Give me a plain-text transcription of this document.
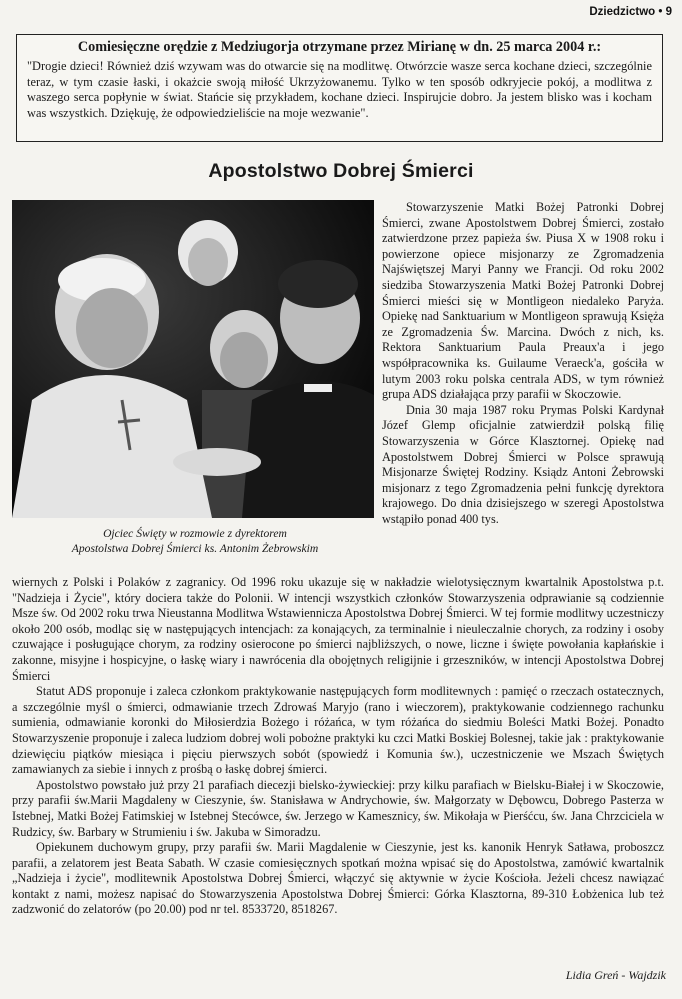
Dziedzictwo • 9
Comiesięczne orędzie z Medziugorja otrzymane przez Mirianę w dn. 25 marca 2004 r.:
"Drogie dzieci! Również dziś wzywam was do otwarcie się na modlitwę. Otwórzcie wasze serca kochane dzieci, szczególnie teraz, w tym czasie łaski, i okażcie swoją miłość Ukrzyżowanemu. Tylko w ten sposób odkryjecie pokój, a modlitwa z waszego serca popłynie w świat. Stańcie się przykładem, kochane dzieci. Inspirujcie dobro. Ja jestem blisko was i kocham was wszystkich. Dziękuję, że odpowiedzieliście na moje wezwanie".
Apostolstwo Dobrej Śmierci
Ojciec Święty w rozmowie z dyrektorem
Apostolstwa Dobrej Śmierci ks. Antonim Żebrowskim

Stowarzyszenie Matki Bożej Patronki Dobrej Śmierci, zwane Apostolstwem Dobrej Śmierci, zostało zatwierdzone przez papieża św. Piusa X w 1908 roku i powierzone opiece misjonarzy ze Zgromadzenia Najświętszej Maryi Panny we Francji. Od roku 2002 siedziba Stowarzyszenia Matki Bożej Patronki Dobrej Śmierci mieści się w Montligeon niedaleko Paryża. Opiekę nad Sanktuarium w Montligeon sprawują Księża ze Zgromadzenia Św. Marcina. Dwóch z nich, ks. Rektora Sanktuarium Paula Preaux'a i jego współpracownika ks. Guilaume Veraeck'a, gościła w lutym 2003 roku polska centrala ADS, w tym również grupa ADS działająca przy parafii w Skoczowie.

Dnia 30 maja 1987 roku Prymas Polski Kardynał Józef Glemp oficjalnie zatwierdził polską filię Stowarzyszenia w Górce Klasztornej. Opiekę nad Apostolstwem Dobrej Śmierci w Polsce sprawują Misjonarze Świętej Rodziny. Ksiądz Antoni Żebrowski misjonarz z tego Zgromadzenia pełni funkcję dyrektora krajowego. Do dnia dzisiejszego w szeregi Apostolstwa wstąpiło ponad 400 tys.

wiernych z Polski i Polaków z zagranicy. Od 1996 roku ukazuje się w nakładzie wielotysięcznym kwartalnik Apostolstwa p.t. "Nadzieja i Życie", który dociera także do Polonii. W intencji wszystkich członków Stowarzyszenia odprawianie są codziennie Msze św. Od 2002 roku trwa Nieustanna Modlitwa Wstawiennicza Apostolstwa Dobrej Śmierci. W tej formie modlitwy uczestniczy około 200 osób, modląc się w następujących intencjach: za konających, za terminalnie i nieuleczalnie chorych, za rodziny i osoby czuwające i posługujące chorym, za rodziny osierocone po śmierci najbliższych, o nowe, liczne i święte powołania kapłańskie i zakonne, misyjne i hospicyjne, o łaskę wiary i nawrócenia dla obojętnych religijnie i grzeszników, w intencji Apostolstwa Dobrej Śmierci

Statut ADS proponuje i zaleca członkom praktykowanie następujących form modlitewnych : pamięć o rzeczach ostatecznych, a szczególnie myśl o śmierci, odmawianie trzech Zdrowaś Maryjo (rano i wieczorem), praktykowanie codziennego rachunku sumienia, odmawianie koronki do Miłosierdzia Bożego i różańca, w tym różańca do siedmiu Boleści Matki Bożej. Ponadto Stowarzyszenie proponuje i zaleca ludziom dobrej woli pobożne praktyki ku czci Matki Boskiej Bolesnej, takie jak : praktykowanie dziewięciu piątków miesiąca i pięciu pierwszych sobót (spowiedź i Komunia św.), uczestniczenie we Mszach Świętych zamawianych za siebie i innych z prośbą o łaskę dobrej śmierci.

Apostolstwo powstało już przy 21 parafiach diecezji bielsko-żywieckiej: przy kilku parafiach w Bielsku-Białej i w Skoczowie, przy parafii św.Marii Magdaleny w Cieszynie, św. Stanisława w Andrychowie, św. Małgorzaty w Dębowcu, Dobrego Pasterza w Istebnej, Matki Bożej Fatimskiej w Istebnej Stecówce, św. Jerzego w Kamesznicy, św. Mikołaja w Pierśćcu, św. Jana Chrzciciela w Rudzicy, św. Barbary w Strumieniu i św. Jakuba w Simoradzu.

Opiekunem duchowym grupy, przy parafii św. Marii Magdalenie w Cieszynie, jest ks. kanonik Henryk Satława, proboszcz parafii, a zelatorem jest Beata Sabath. W czasie comiesięcznych spotkań można wpisać się do Apostolstwa, zamówić kwartalnik „Nadzieja i życie", modlitewnik Apostolstwa Dobrej Śmierci, włączyć się aktywnie w życie Kościoła. Jeżeli chcesz nawiązać kontakt z nami, możesz napisać do Stowarzyszenia Apostolstwa Dobrej Śmierci: Górka Klasztorna, 89-310 Łobżenica lub też zadzwonić do zelatorów (po 20.00) pod nr tel. 8533720, 8518267.

Lidia Greń - Wajdzik
